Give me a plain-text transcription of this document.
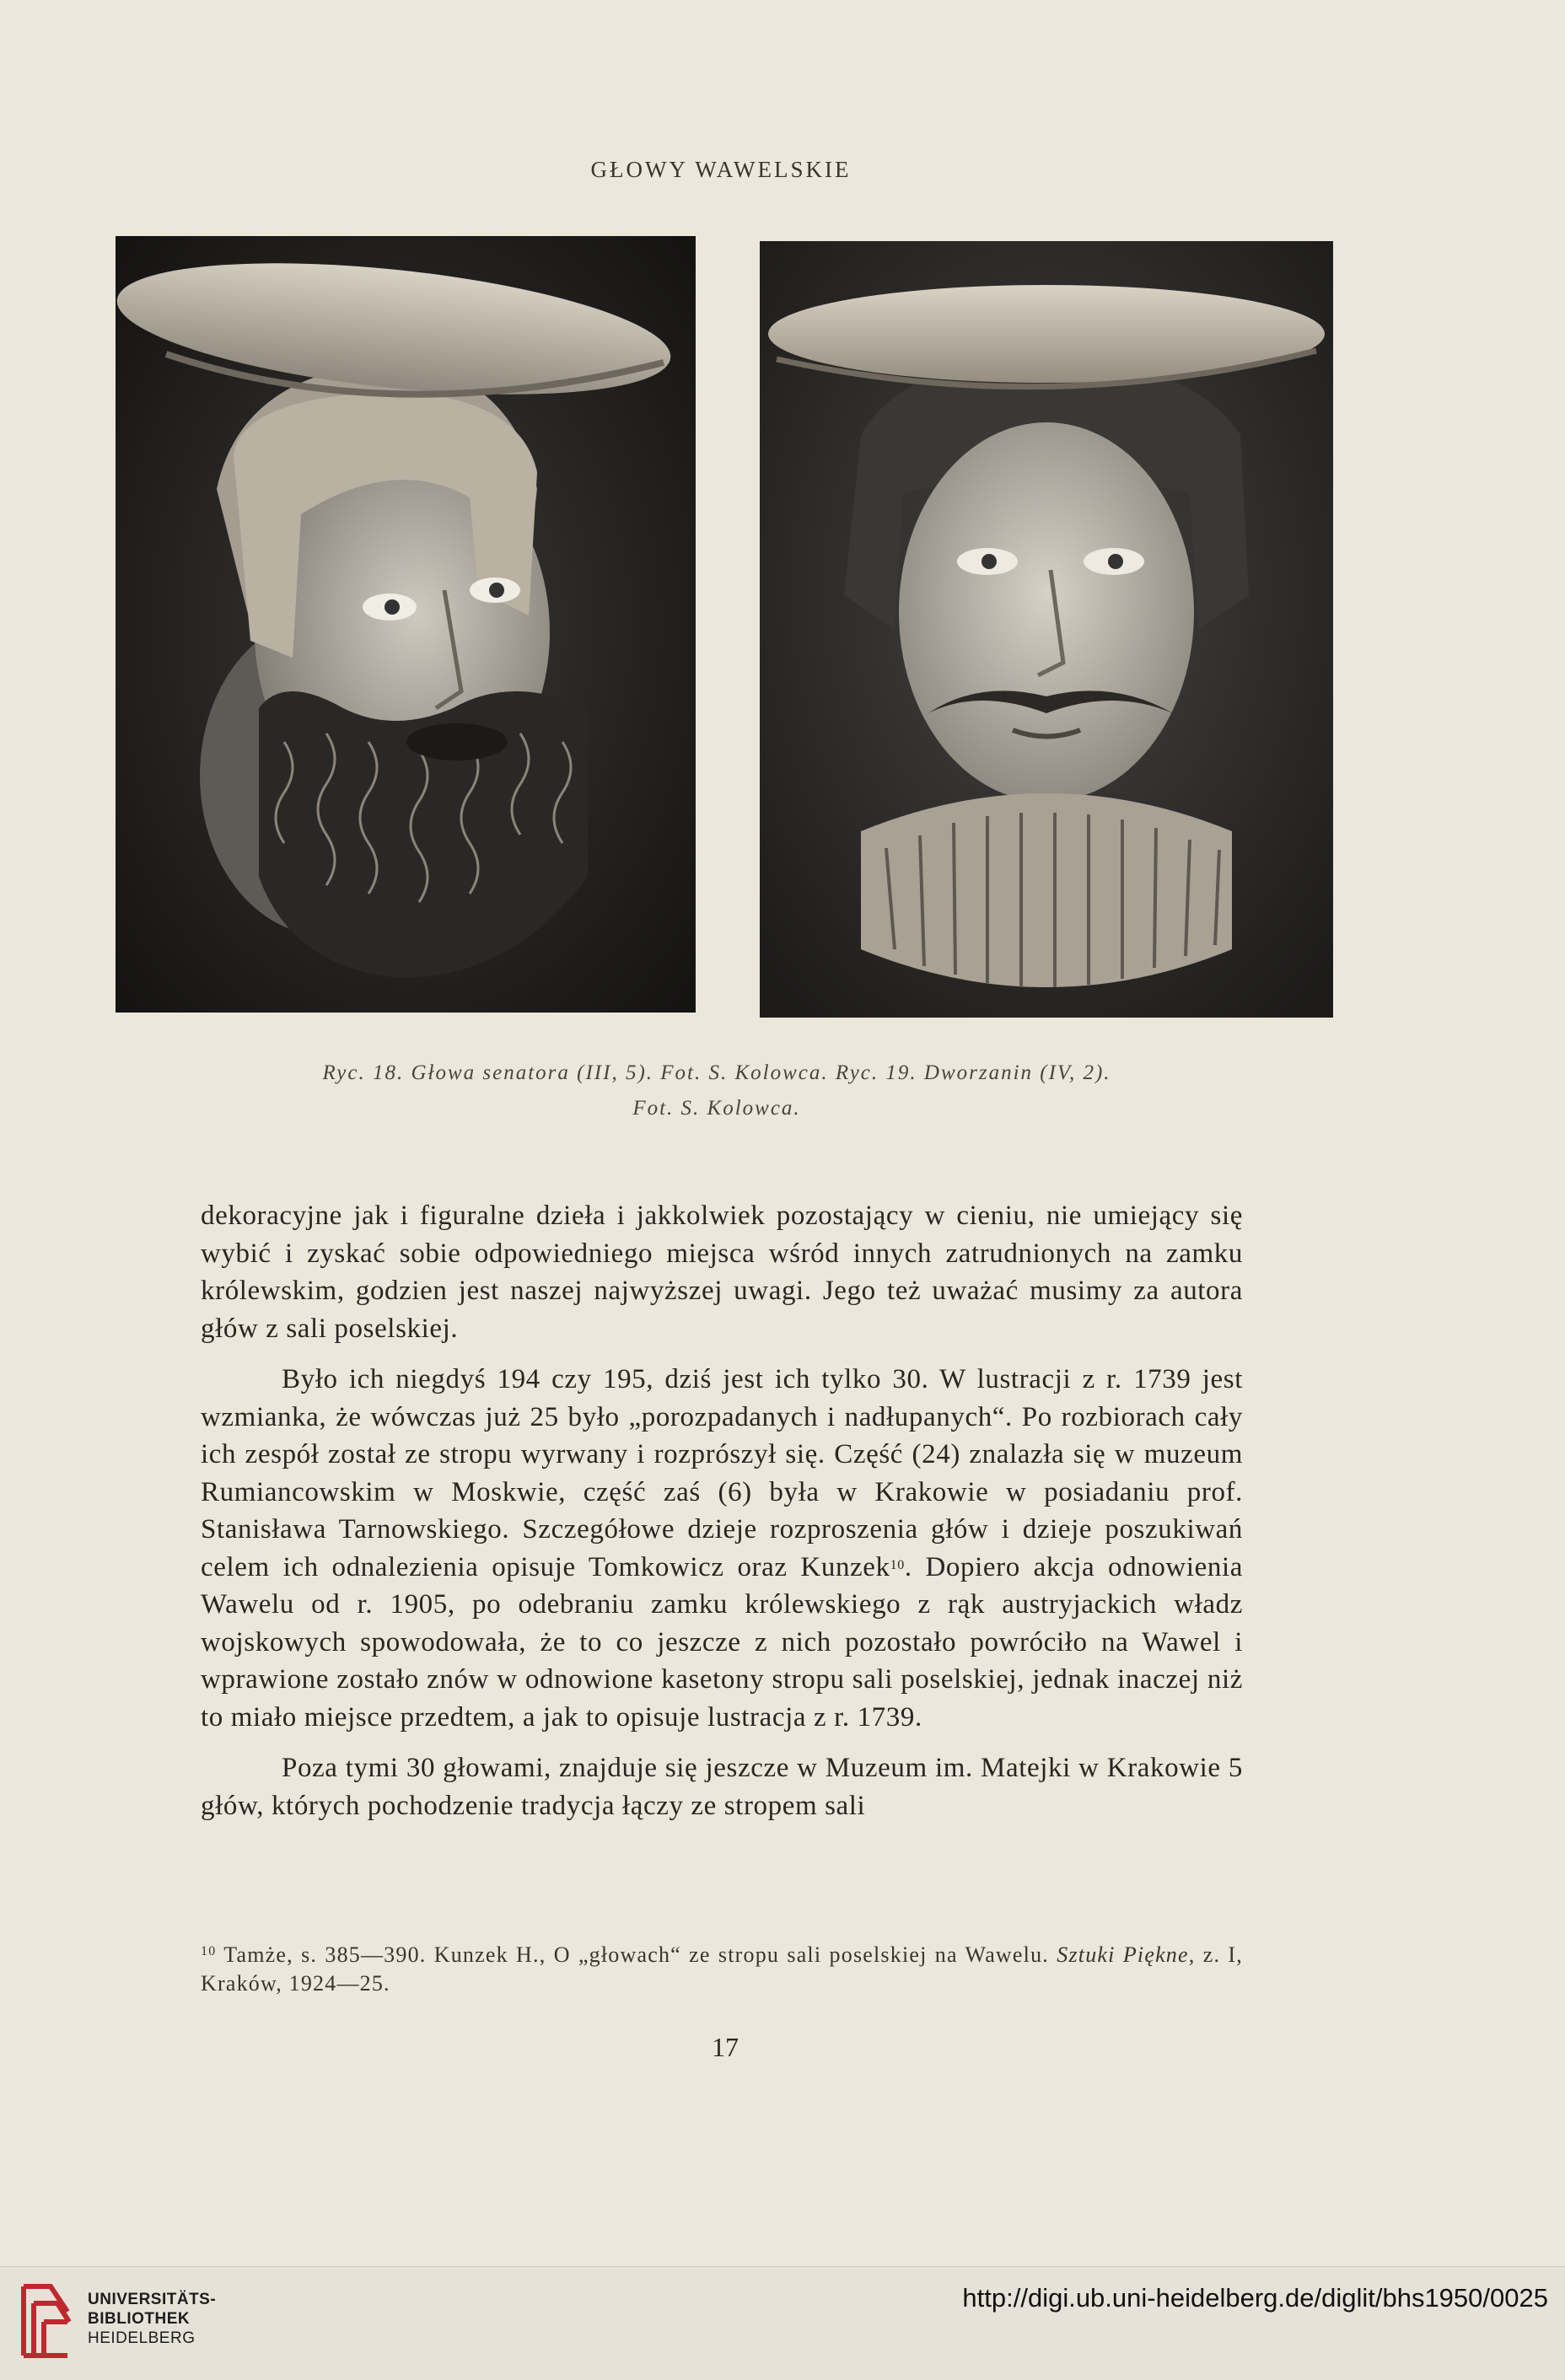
GŁOWY WAWELSKIE
Ryc. 18. Głowa senatora (III, 5). Fot. S. Kolowca. Ryc. 19. Dworzanin (IV, 2).
Fot. S. Kolowca.

dekoracyjne jak i figuralne dzieła i jakkolwiek pozostający w cieniu, nie umiejący się wybić i zyskać sobie odpowiedniego miejsca wśród innych zatrudnionych na zamku królewskim, godzien jest naszej najwyższej uwagi. Jego też uważać musimy za autora głów z sali poselskiej.

Było ich niegdyś 194 czy 195, dziś jest ich tylko 30. W lustracji z r. 1739 jest wzmianka, że wówczas już 25 było „porozpadanych i nadłupanych“. Po rozbiorach cały ich zespół został ze stropu wyrwany i rozprószył się. Część (24) znalazła się w muzeum Rumiancowskim w Moskwie, część zaś (6) była w Krakowie w posiadaniu prof. Stanisława Tarnowskiego. Szczegółowe dzieje rozproszenia głów i dzieje poszukiwań celem ich odnalezienia opisuje Tomkowicz oraz Kunzek$^{10}$. Dopiero akcja odnowienia Wawelu od r. 1905, po odebraniu zamku królewskiego z rąk austryjackich władz wojskowych spowodowała, że to co jeszcze z nich pozostało powróciło na Wawel i wprawione zostało znów w odnowione kasetony stropu sali poselskiej, jednak inaczej niż to miało miejsce przedtem, a jak to opisuje lustracja z r. 1739.

Poza tymi 30 głowami, znajduje się jeszcze w Muzeum im. Matejki w Krakowie 5 głów, których pochodzenie tradycja łączy ze stropem sali

$^{10}$ Tamże, s. 385—390. Kunzek H., O „głowach“ ze stropu sali poselskiej na Wawelu. Sztuki Piękne, z. I, Kraków, 1924—25.
17
UNIVERSITÄTS-
BIBLIOTHEK
HEIDELBERG
http://digi.ub.uni-heidelberg.de/diglit/bhs1950/0025
